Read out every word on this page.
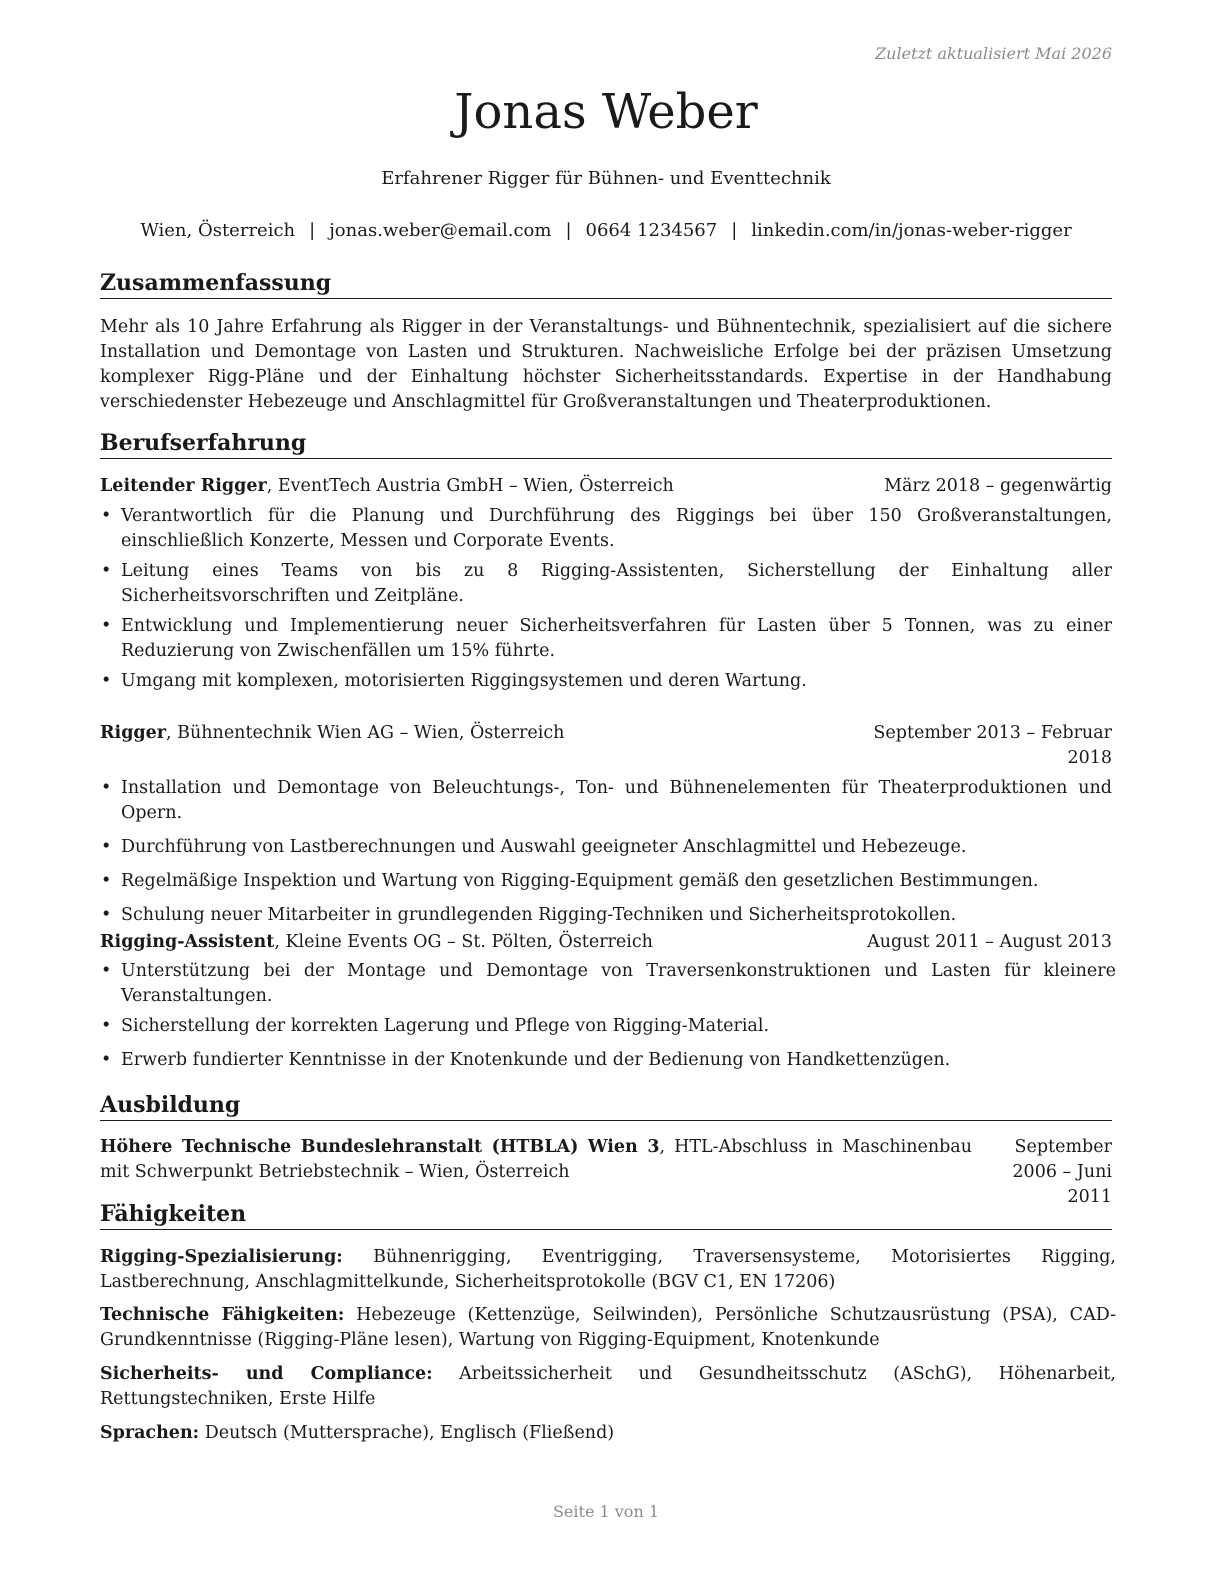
Zuletzt aktualisiert Mai 2026
Jonas Weber
Erfahrener Rigger für Bühnen- und Eventtechnik
Wien, Österreich | jonas.weber@email.com | 0664 1234567 | linkedin.com/in/jonas-weber-rigger
Zusammenfassung
Mehr als 10 Jahre Erfahrung als Rigger in der Veranstaltungs- und Bühnentechnik, spezialisiert auf die sichere Installation und Demontage von Lasten und Strukturen. Nachweisliche Erfolge bei der präzisen Umsetzung komplexer Rigg-Pläne und der Einhaltung höchster Sicherheitsstandards. Expertise in der Handhabung verschiedenster Hebezeuge und Anschlagmittel für Großveranstaltungen und Theaterproduktionen.
Berufserfahrung
Leitender Rigger, EventTech Austria GmbH – Wien, Österreich	März 2018 – gegenwärtig
• Verantwortlich für die Planung und Durchführung des Riggings bei über 150 Großveranstaltungen, einschließlich Konzerte, Messen und Corporate Events.
• Leitung eines Teams von bis zu 8 Rigging-Assistenten, Sicherstellung der Einhaltung aller Sicherheitsvorschriften und Zeitpläne.
• Entwicklung und Implementierung neuer Sicherheitsverfahren für Lasten über 5 Tonnen, was zu einer Reduzierung von Zwischenfällen um 15% führte.
• Umgang mit komplexen, motorisierten Riggingsystemen und deren Wartung.
Rigger, Bühnentechnik Wien AG – Wien, Österreich	September 2013 – Februar 2018
• Installation und Demontage von Beleuchtungs-, Ton- und Bühnenelementen für Theaterproduktionen und Opern.
• Durchführung von Lastberechnungen und Auswahl geeigneter Anschlagmittel und Hebezeuge.
• Regelmäßige Inspektion und Wartung von Rigging-Equipment gemäß den gesetzlichen Bestimmungen.
• Schulung neuer Mitarbeiter in grundlegenden Rigging-Techniken und Sicherheitsprotokollen.
Rigging-Assistent, Kleine Events OG – St. Pölten, Österreich	August 2011 – August 2013
• Unterstützung bei der Montage und Demontage von Traversenkonstruktionen und Lasten für kleinere Veranstaltungen.
• Sicherstellung der korrekten Lagerung und Pflege von Rigging-Material.
• Erwerb fundierter Kenntnisse in der Knotenkunde und der Bedienung von Handkettenzügen.
Ausbildung
Höhere Technische Bundeslehranstalt (HTBLA) Wien 3, HTL-Abschluss in Maschinenbau mit Schwerpunkt Betriebstechnik – Wien, Österreich
September 2006 – Juni 2011
Fähigkeiten
Rigging-Spezialisierung: Bühnenrigging, Eventrigging, Traversensysteme, Motorisiertes Rigging, Lastberechnung, Anschlagmittelkunde, Sicherheitsprotokolle (BGV C1, EN 17206)
Technische Fähigkeiten: Hebezeuge (Kettenzüge, Seilwinden), Persönliche Schutzausrüstung (PSA), CAD-Grundkenntnisse (Rigging-Pläne lesen), Wartung von Rigging-Equipment, Knotenkunde
Sicherheits- und Compliance: Arbeitssicherheit und Gesundheitsschutz (ASchG), Höhenarbeit, Rettungstechniken, Erste Hilfe
Sprachen: Deutsch (Muttersprache), Englisch (Fließend)
Seite 1 von 1
